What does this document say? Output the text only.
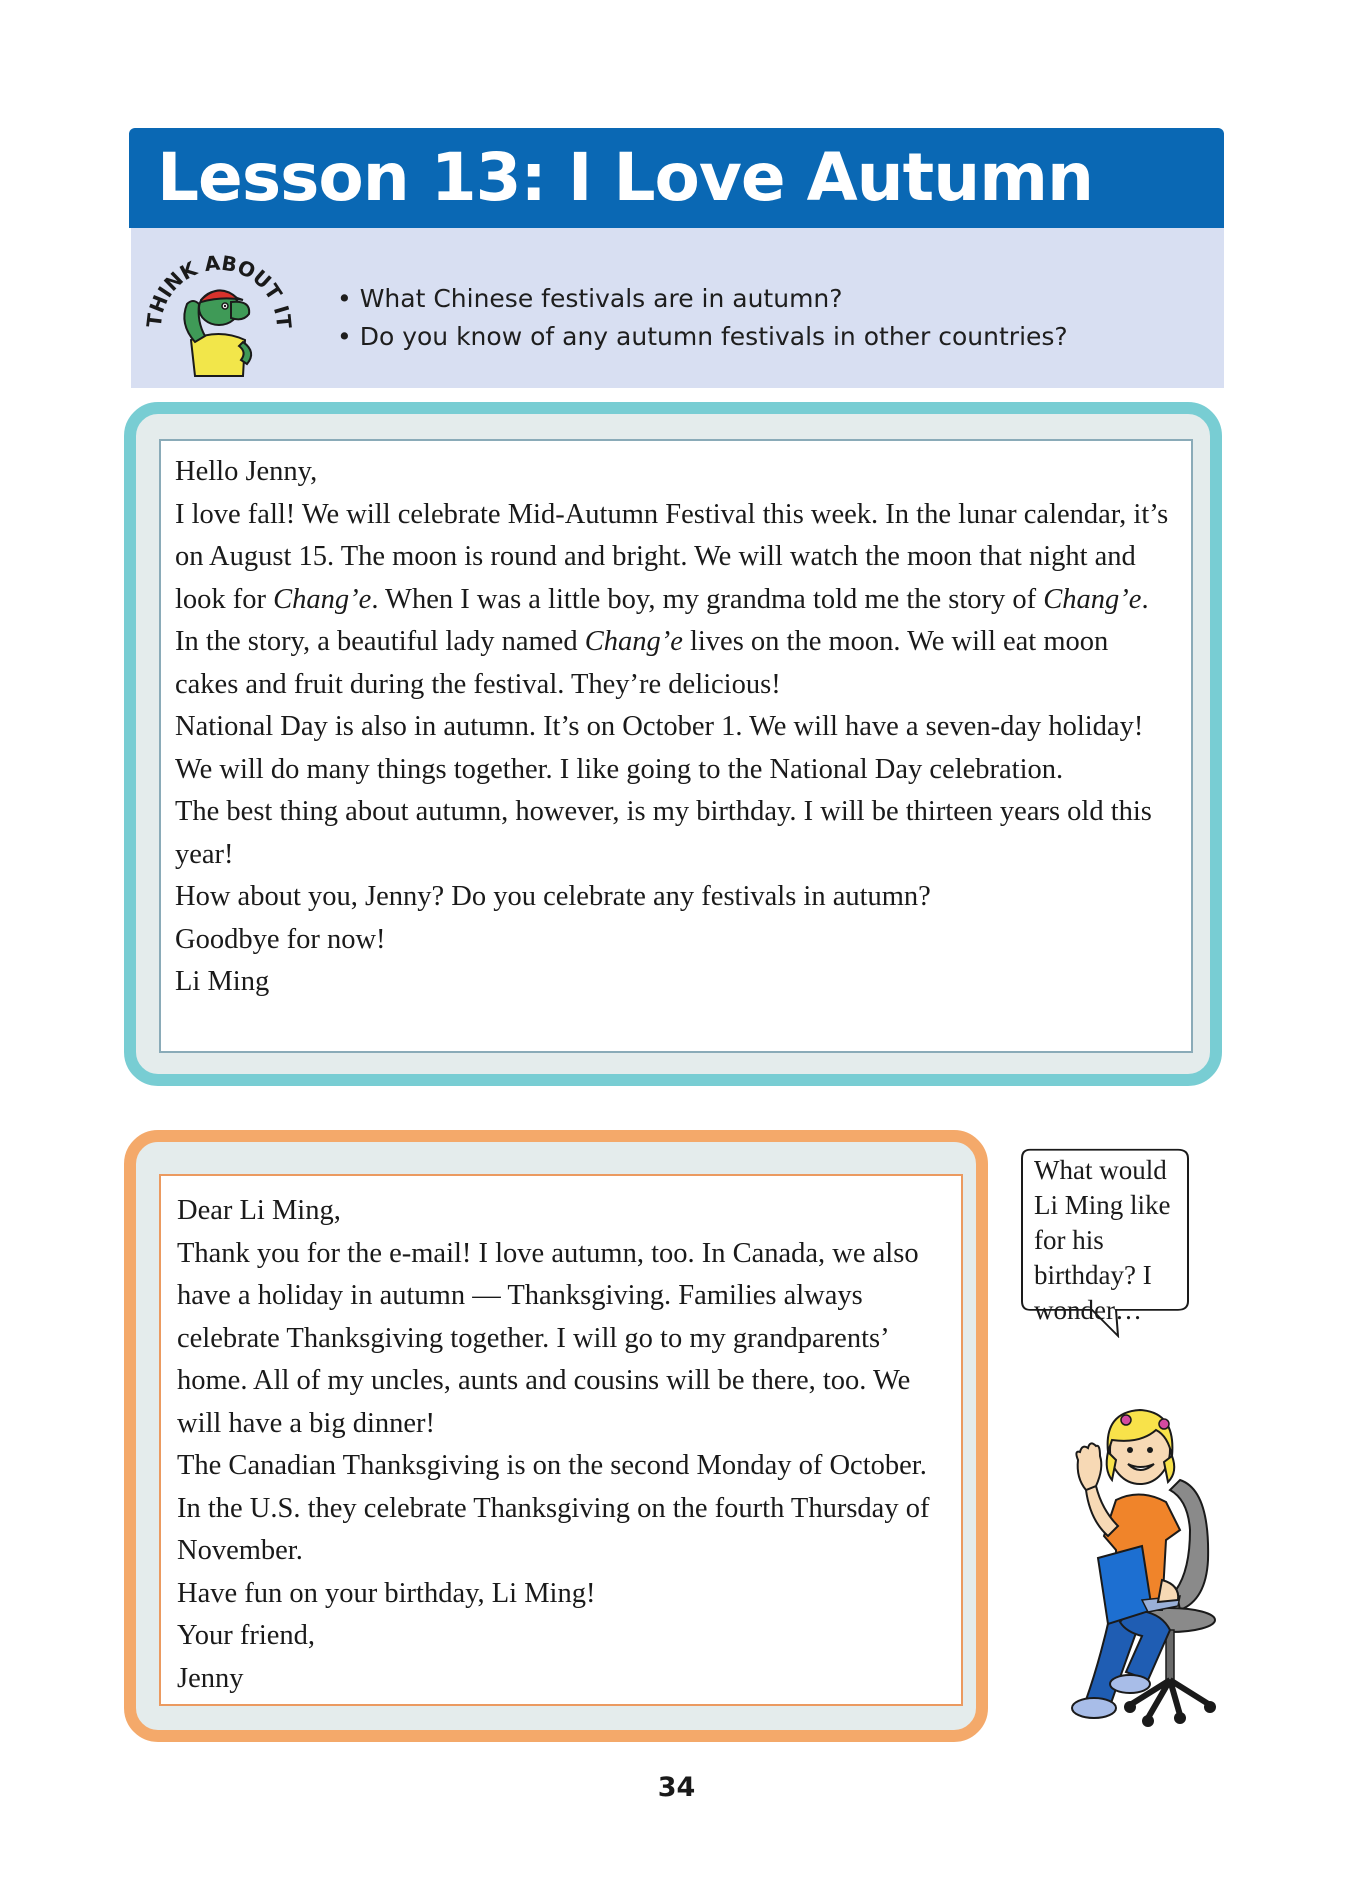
Lesson 13: I Love Autumn
THINK ABOUT IT
• What Chinese festivals are in autumn?
• Do you know of any autumn festivals in other countries?

Hello Jenny,

I love fall! We will celebrate Mid-Autumn Festival this week. In the lunar calendar, it’s on August 15. The moon is round and bright. We will watch the moon that night and look for Chang’e. When I was a little boy, my grandma told me the story of Chang’e. In the story, a beautiful lady named Chang’e lives on the moon. We will eat moon cakes and fruit during the festival. They’re delicious!

National Day is also in autumn. It’s on October 1. We will have a seven-day holiday! We will do many things together. I like going to the National Day celebration.

The best thing about autumn, however, is my birthday. I will be thirteen years old this year!

How about you, Jenny? Do you celebrate any festivals in autumn?

Goodbye for now!

Li Ming

Dear Li Ming,

Thank you for the e-mail! I love autumn, too. In Canada, we also have a holiday in autumn — Thanksgiving. Families always celebrate Thanksgiving together. I will go to my grandparents’ home. All of my uncles, aunts and cousins will be there, too. We will have a big dinner!

The Canadian Thanksgiving is on the second Monday of October. In the U.S. they celebrate Thanksgiving on the fourth Thursday of November.

Have fun on your birthday, Li Ming!

Your friend,

Jenny

What would Li Ming like for his birthday? I wonder…
34
